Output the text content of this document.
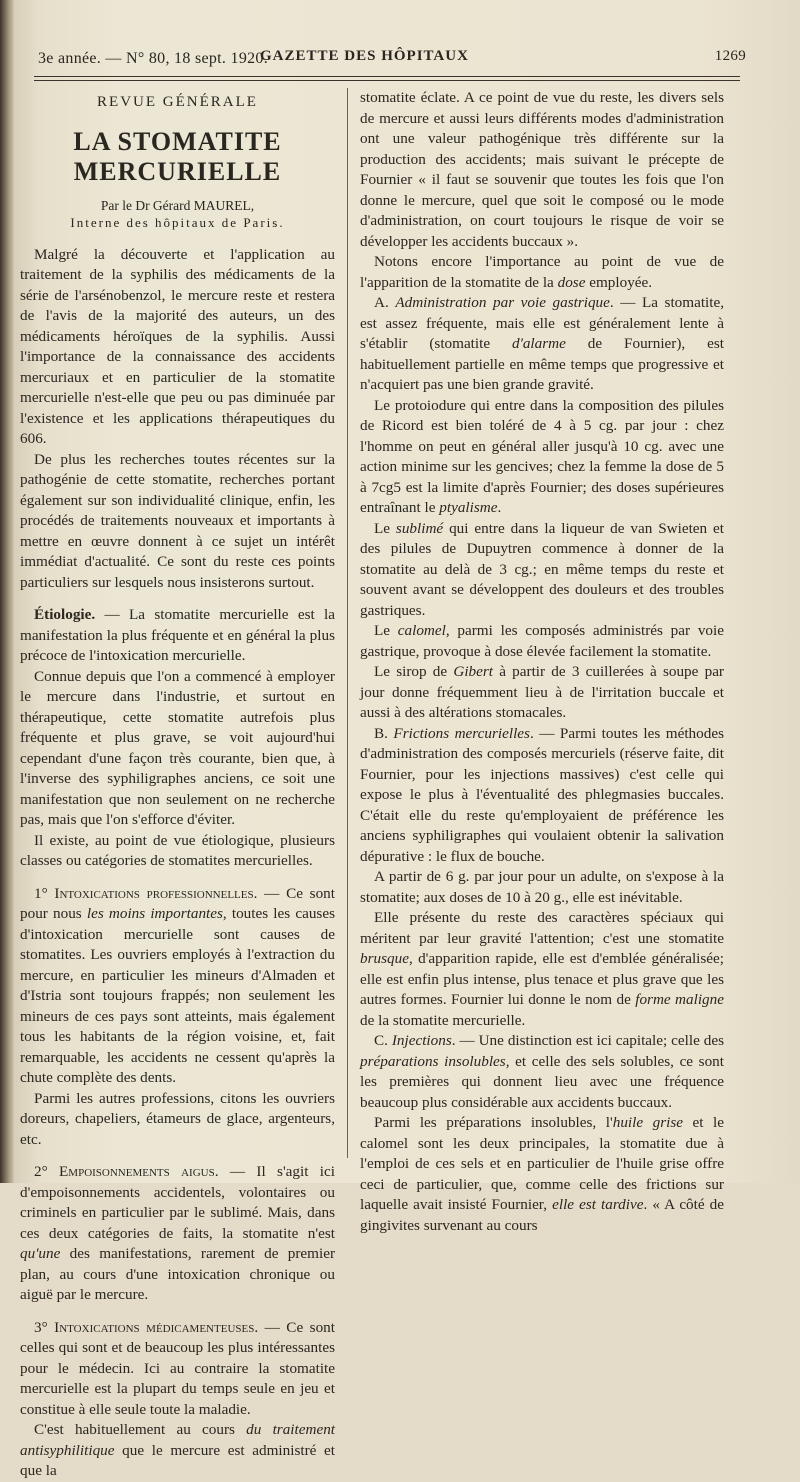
3e année. — N° 80, 18 sept. 1920.
GAZETTE DES HÔPITAUX	1269

REVUE GÉNÉRALE

LA STOMATITE MERCURIELLE

Par le Dr Gérard MAUREL,

Interne des hôpitaux de Paris.

Malgré la découverte et l'application au traitement de la syphilis des médicaments de la série de l'arsénobenzol, le mercure reste et restera de l'avis de la majorité des auteurs, un des médicaments héroïques de la syphilis. Aussi l'importance de la connaissance des accidents mercuriaux et en particulier de la stomatite mercurielle n'est-elle que peu ou pas diminuée par l'existence et les applications thérapeutiques du 606.

De plus les recherches toutes récentes sur la pathogénie de cette stomatite, recherches portant également sur son individualité clinique, enfin, les procédés de traitements nouveaux et importants à mettre en œuvre donnent à ce sujet un intérêt immédiat d'actualité. Ce sont du reste ces points particuliers sur lesquels nous insisterons surtout.

Étiologie. — La stomatite mercurielle est la manifestation la plus fréquente et en général la plus précoce de l'intoxication mercurielle.

Connue depuis que l'on a commencé à employer le mercure dans l'industrie, et surtout en thérapeutique, cette stomatite autrefois plus fréquente et plus grave, se voit aujourd'hui cependant d'une façon très courante, bien que, à l'inverse des syphiligraphes anciens, ce soit une manifestation que non seulement on ne recherche pas, mais que l'on s'efforce d'éviter.

Il existe, au point de vue étiologique, plusieurs classes ou catégories de stomatites mercurielles.

1° Intoxications professionnelles. — Ce sont pour nous les moins importantes, toutes les causes d'intoxication mercurielle sont causes de stomatites. Les ouvriers employés à l'extraction du mercure, en particulier les mineurs d'Almaden et d'Istria sont toujours frappés; non seulement les mineurs de ces pays sont atteints, mais également tous les habitants de la région voisine, et, fait remarquable, les accidents ne cessent qu'après la chute complète des dents.

Parmi les autres professions, citons les ouvriers doreurs, chapeliers, étameurs de glace, argenteurs, etc.

2° Empoisonnements aigus. — Il s'agit ici d'empoisonnements accidentels, volontaires ou criminels en particulier par le sublimé. Mais, dans ces deux catégories de faits, la stomatite n'est qu'une des manifestations, rarement de premier plan, au cours d'une intoxication chronique ou aiguë par le mercure.

3° Intoxications médicamenteuses. — Ce sont celles qui sont et de beaucoup les plus intéressantes pour le médecin. Ici au contraire la stomatite mercurielle est la plupart du temps seule en jeu et constitue à elle seule toute la maladie.

C'est habituellement au cours du traitement antisyphilitique que le mercure est administré et que la

stomatite éclate. A ce point de vue du reste, les divers sels de mercure et aussi leurs différents modes d'administration ont une valeur pathogénique très différente sur la production des accidents; mais suivant le précepte de Fournier « il faut se souvenir que toutes les fois que l'on donne le mercure, quel que soit le composé ou le mode d'administration, on court toujours le risque de voir se développer les accidents buccaux ».

Notons encore l'importance au point de vue de l'apparition de la stomatite de la dose employée.

A. Administration par voie gastrique. — La stomatite, est assez fréquente, mais elle est généralement lente à s'établir (stomatite d'alarme de Fournier), est habituellement partielle en même temps que progressive et n'acquiert pas une bien grande gravité.

Le protoiodure qui entre dans la composition des pilules de Ricord est bien toléré de 4 à 5 cg. par jour : chez l'homme on peut en général aller jusqu'à 10 cg. avec une action minime sur les gencives; chez la femme la dose de 5 à 7cg5 est la limite d'après Fournier; des doses supérieures entraînant le ptyalisme.

Le sublimé qui entre dans la liqueur de van Swieten et des pilules de Dupuytren commence à donner de la stomatite au delà de 3 cg.; en même temps du reste et souvent avant se développent des douleurs et des troubles gastriques.

Le calomel, parmi les composés administrés par voie gastrique, provoque à dose élevée facilement la stomatite.

Le sirop de Gibert à partir de 3 cuillerées à soupe par jour donne fréquemment lieu à de l'irritation buccale et aussi à des altérations stomacales.

B. Frictions mercurielles. — Parmi toutes les méthodes d'administration des composés mercuriels (réserve faite, dit Fournier, pour les injections massives) c'est celle qui expose le plus à l'éventualité des phlegmasies buccales. C'était elle du reste qu'employaient de préférence les anciens syphiligraphes qui voulaient obtenir la salivation dépurative : le flux de bouche.

A partir de 6 g. par jour pour un adulte, on s'expose à la stomatite; aux doses de 10 à 20 g., elle est inévitable.

Elle présente du reste des caractères spéciaux qui méritent par leur gravité l'attention; c'est une stomatite brusque, d'apparition rapide, elle est d'emblée généralisée; elle est enfin plus intense, plus tenace et plus grave que les autres formes. Fournier lui donne le nom de forme maligne de la stomatite mercurielle.

C. Injections. — Une distinction est ici capitale; celle des préparations insolubles, et celle des sels solubles, ce sont les premières qui donnent lieu avec une fréquence beaucoup plus considérable aux accidents buccaux.

Parmi les préparations insolubles, l'huile grise et le calomel sont les deux principales, la stomatite due à l'emploi de ces sels et en particulier de l'huile grise offre ceci de particulier, que, comme celle des frictions sur laquelle avait insisté Fournier, elle est tardive. « A côté de gingivites survenant au cours
